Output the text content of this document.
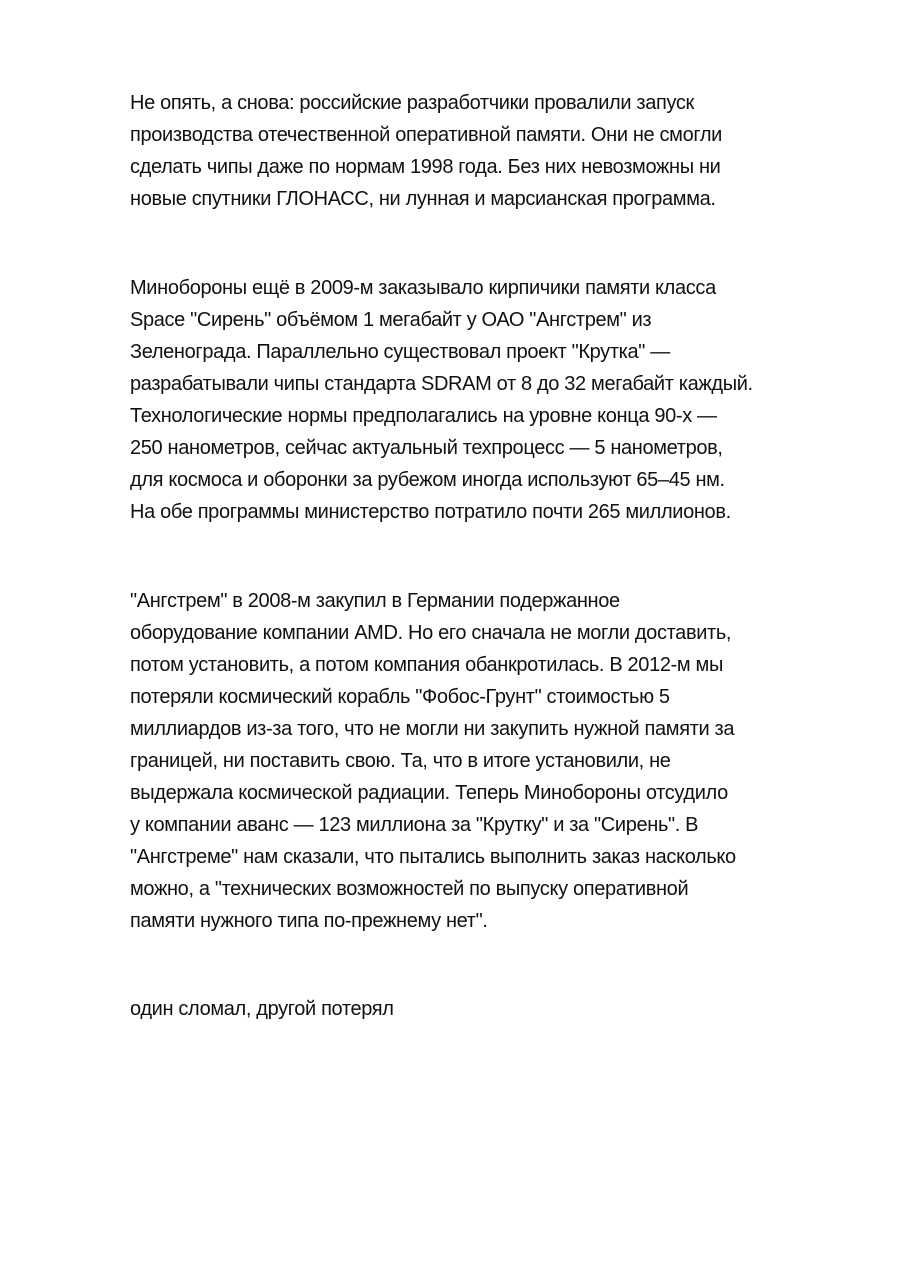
Не опять, а снова: российские разработчики провалили запуск

производства отечественной оперативной памяти. Они не смогли

сделать чипы даже по нормам 1998 года. Без них невозможны ни

новые спутники ГЛОНАСС, ни лунная и марсианская программа.

Минобороны ещё в 2009-м заказывало кирпичики памяти класса

Space "Сирень" объёмом 1 мегабайт у ОАО "Ангстрем" из

Зеленограда. Параллельно существовал проект "Крутка" —

разрабатывали чипы стандарта SDRAM от 8 до 32 мегабайт каждый.

Технологические нормы предполагались на уровне конца 90-х —

250 нанометров, сейчас актуальный техпроцесс — 5 нанометров,

для космоса и оборонки за рубежом иногда используют 65–45 нм.

На обе программы министерство потратило почти 265 миллионов.

"Ангстрем" в 2008-м закупил в Германии подержанное

оборудование компании AMD. Но его сначала не могли доставить,

потом установить, а потом компания обанкротилась. В 2012-м мы

потеряли космический корабль "Фобос-Грунт" стоимостью 5

миллиардов из-за того, что не могли ни закупить нужной памяти за

границей, ни поставить свою. Та, что в итоге установили, не

выдержала космической радиации. Теперь Минобороны отсудило

у компании аванс — 123 миллиона за "Крутку" и за "Сирень". В

"Ангстреме" нам сказали, что пытались выполнить заказ насколько

можно, а "технических возможностей по выпуску оперативной

памяти нужного типа по-прежнему нет".

один сломал, другой потерял
